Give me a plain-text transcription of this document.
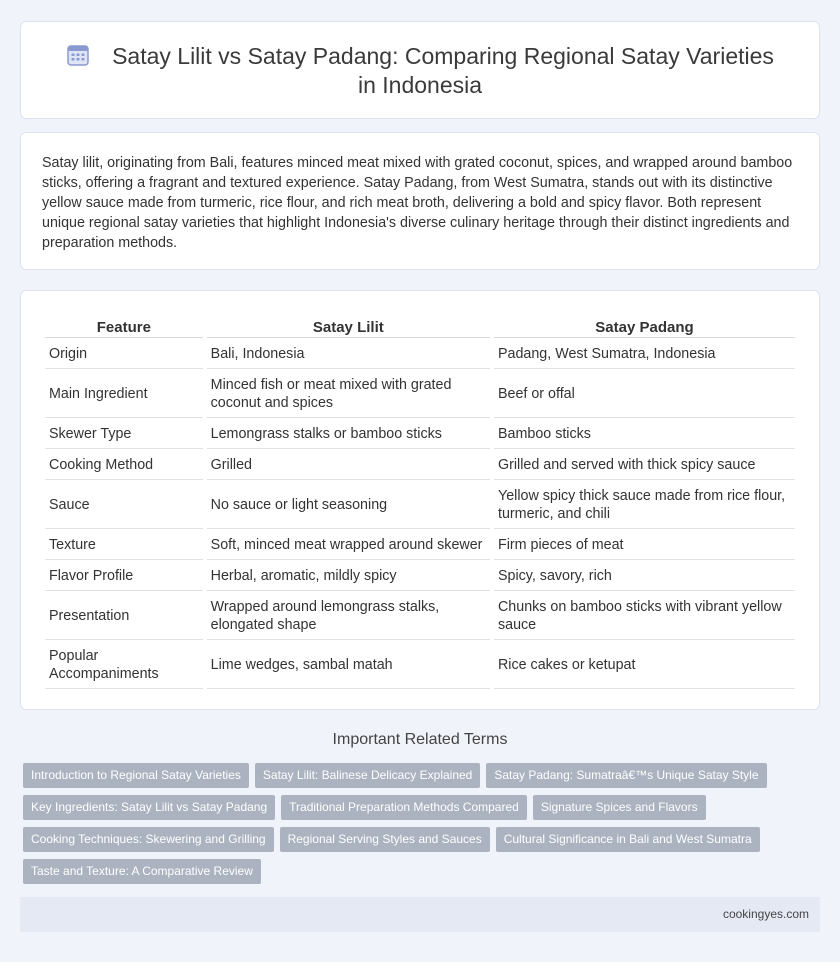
Satay Lilit vs Satay Padang: Comparing Regional Satay Varieties in Indonesia

Satay lilit, originating from Bali, features minced meat mixed with grated coconut, spices, and wrapped around bamboo sticks, offering a fragrant and textured experience. Satay Padang, from West Sumatra, stands out with its distinctive yellow sauce made from turmeric, rice flour, and rich meat broth, delivering a bold and spicy flavor. Both represent unique regional satay varieties that highlight Indonesia's diverse culinary heritage through their distinct ingredients and preparation methods.

Feature	Satay Lilit	Satay Padang
Origin	Bali, Indonesia	Padang, West Sumatra, Indonesia
Main Ingredient	Minced fish or meat mixed with grated coconut and spices	Beef or offal
Skewer Type	Lemongrass stalks or bamboo sticks	Bamboo sticks
Cooking Method	Grilled	Grilled and served with thick spicy sauce
Sauce	No sauce or light seasoning	Yellow spicy thick sauce made from rice flour, turmeric, and chili
Texture	Soft, minced meat wrapped around skewer	Firm pieces of meat
Flavor Profile	Herbal, aromatic, mildly spicy	Spicy, savory, rich
Presentation	Wrapped around lemongrass stalks, elongated shape	Chunks on bamboo sticks with vibrant yellow sauce
Popular Accompaniments	Lime wedges, sambal matah	Rice cakes or ketupat
Important Related Terms
Introduction to Regional Satay Varieties Satay Lilit: Balinese Delicacy Explained Satay Padang: Sumatraâ€™s Unique Satay Style
Key Ingredients: Satay Lilit vs Satay Padang Traditional Preparation Methods Compared Signature Spices and Flavors
Cooking Techniques: Skewering and Grilling Regional Serving Styles and Sauces Cultural Significance in Bali and West Sumatra
Taste and Texture: A Comparative Review
cookingyes.com
